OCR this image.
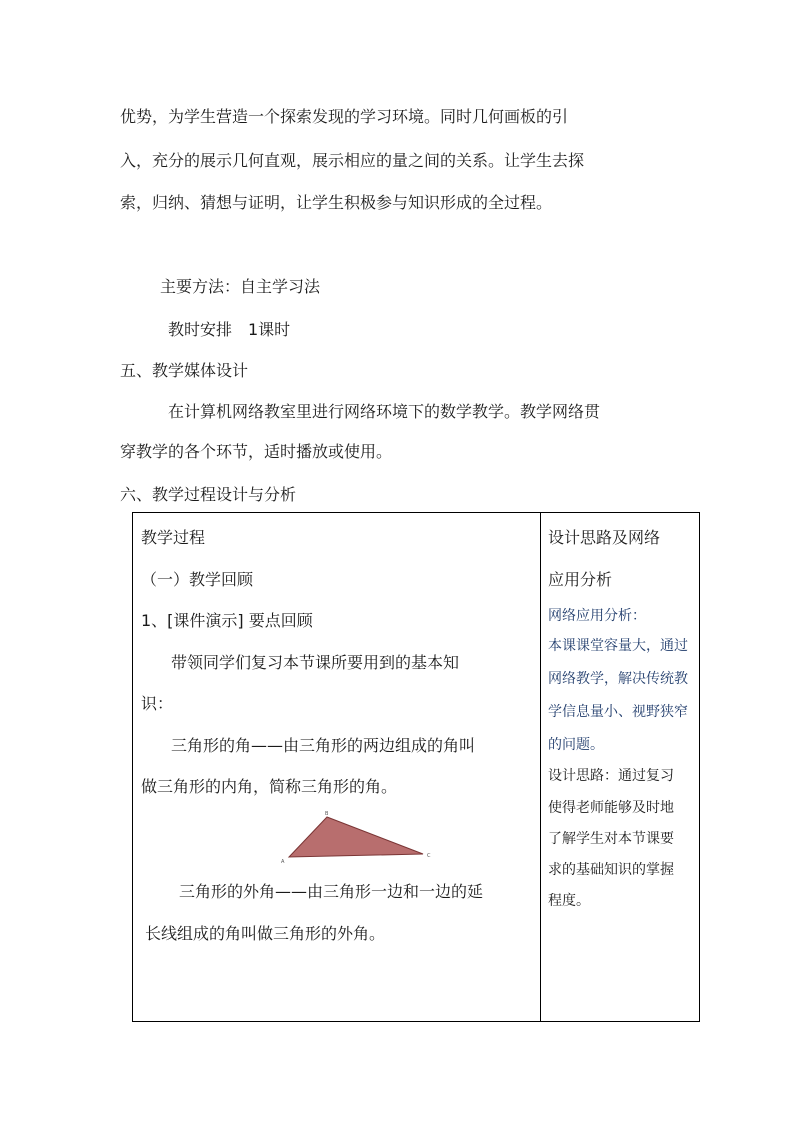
优势，为学生营造一个探索发现的学习环境。同时几何画板的引
入，充分的展示几何直观，展示相应的量之间的关系。让学生去探
索，归纳、猜想与证明，让学生积极参与知识形成的全过程。
主要方法：自主学习法
教时安排　1课时
五、教学媒体设计
在计算机网络教室里进行网络环境下的数学教学。教学网络贯
穿教学的各个环节，适时播放或使用。
六、教学过程设计与分析
教学过程
（一）教学回顾
1、[课件演示] 要点回顾
带领同学们复习本节课所要用到的基本知
识：
三角形的角——由三角形的两边组成的角叫
做三角形的内角，简称三角形的角。
A
B
C
三角形的外角——由三角形一边和一边的延
长线组成的角叫做三角形的外角。
设计思路及网络
应用分析
网络应用分析：
本课课堂容量大，通过
网络教学，解决传统教
学信息量小、视野狭窄
的问题。
设计思路：通过复习
使得老师能够及时地
了解学生对本节课要
求的基础知识的掌握
程度。
